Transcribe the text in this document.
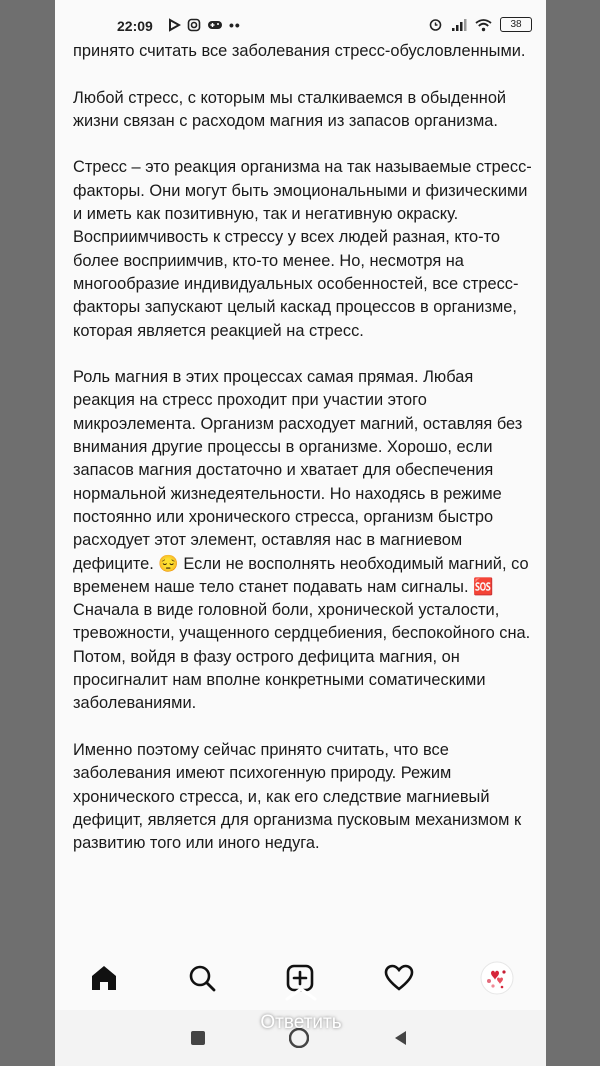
22:09	••	38

принято считать все заболевания стресс-обусловленными.

Любой стресс, с которым мы сталкиваемся в обыденной жизни связан с расходом магния из запасов организма.

Стресс – это реакция организма на так называемые стресс-факторы. Они могут быть эмоциональными и физическими и иметь как позитивную, так и негативную окраску. Восприимчивость к стрессу у всех людей разная, кто-то более восприимчив, кто-то менее. Но, несмотря на многообразие индивидуальных особенностей, все стресс-факторы запускают целый каскад процессов в организме, которая является реакцией на стресс.

Роль магния в этих процессах самая прямая. Любая реакция на стресс проходит при участии этого микроэлемента. Организм расходует магний, оставляя без внимания другие процессы в организме. Хорошо, если запасов магния достаточно и хватает для обеспечения нормальной жизнедеятельности. Но находясь в режиме постоянно или хронического стресса, организм быстро расходует этот элемент, оставляя нас в магниевом дефиците. 😔 Если не восполнять необходимый магний, со временем наше тело станет подавать нам сигналы. 🆘 Сначала в виде головной боли, хронической усталости, тревожности, учащенного сердцебиения, беспокойного сна. Потом, войдя в фазу острого дефицита магния, он просигналит нам вполне конкретными соматическими заболеваниями.

Именно поэтому сейчас принято считать, что все заболевания имеют психогенную природу. Режим хронического стресса, и, как его следствие магниевый дефицит, является для организма пусковым механизмом к развитию того или иного недуга.

Ответить
